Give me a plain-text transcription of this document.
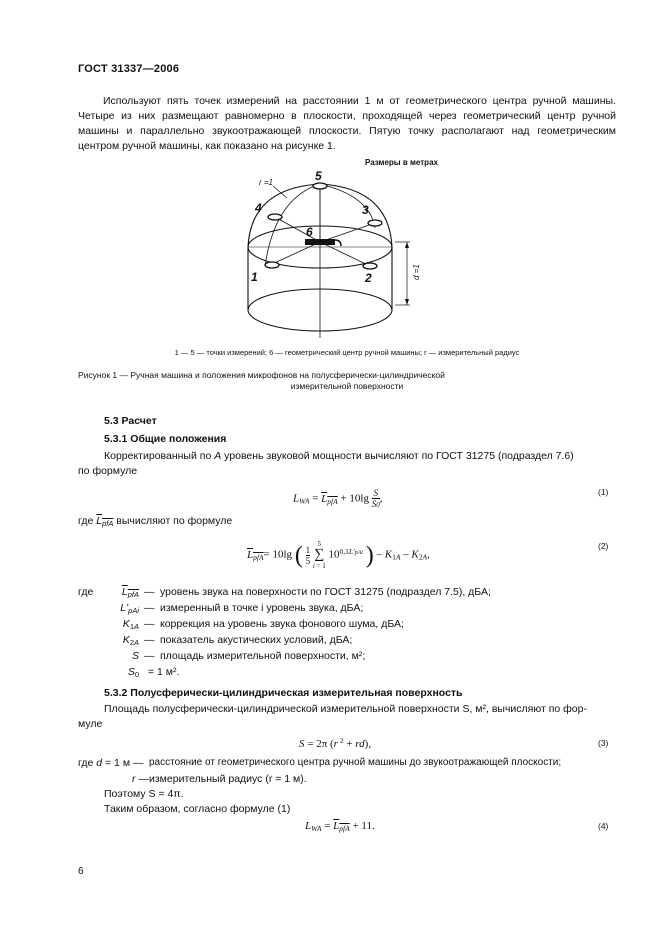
ГОСТ 31337—2006
Используют пять точек измерений на расстоянии 1 м от геометрического центра ручной машины. Четыре из них размещают равномерно в плоскости, проходящей через геометрический центр ручной машины и параллельно звукоотражающей плоскости. Пятую точку располагают над геометрическим центром ручной машины, как показано на рисунке 1.
Размеры в метрах
5
4	3
6
1	2
r =1
d =1
1 — 5 — точки измерений; 6 — геометрический центр ручной машины; r — измерительный радиус
Рисунок 1 — Ручная машина и положения микрофонов на полусферически-цилиндрической
измерительной поверхности
5.3 Расчет
5.3.1 Общие положения
Корректированный по А уровень звуковой мощности вычисляют по ГОСТ 31275 (подраздел 7.6)
по формуле
$L_{WA} = L_{pfA} + 10\lg \frac{S}{S0}$ ,
(1)
где $L_{pfA}$ вычисляют по формуле
$L_{pfA}= 10\lg$ ( $\frac{1}{5}$

5
∑
i = 1
$10^{0,1L'pAi}$ ) – $K_{1A} - K_{2A}$,
(2)
где	$L_{pfA}$ — уровень звука на поверхности по ГОСТ 31275 (подраздел 7.5), дБА;
$L'_{pAi}$ — измеренный в точке i уровень звука, дБА;
$K_{1A}$ — коррекция на уровень звука фонового шума, дБА;
$K_{2A}$ — показатель акустических условий, дБА;
S — площадь измерительной поверхности, м²;
$S_0 = 1$ м².
5.3.2 Полусферически-цилиндрическая измерительная поверхность
Площадь полусферически-цилиндрической измерительной поверхности S, м², вычисляют по фор-
муле
S = 2π (r $^2$ + rd),	(3)
где d = 1 м — расстояние от геометрического центра ручной машины до звукоотражающей плоскости;
r — измерительный радиус (r = 1 м).
Поэтому S = 4π.
Таким образом, согласно формуле (1)
$L_{WA} = L_{pfA} + 11$.	(4)
6
